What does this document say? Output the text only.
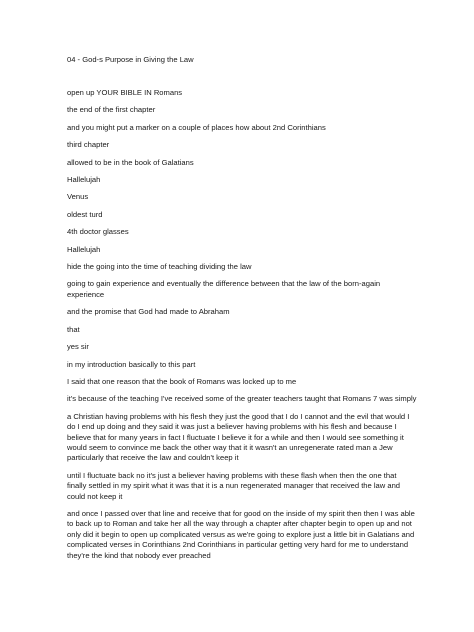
04 - God-s Purpose in Giving the Law
open up YOUR BIBLE IN Romans
the end of the first chapter
and you might put a marker on a couple of places how about 2nd Corinthians
third chapter
allowed to be in the book of Galatians
Hallelujah
Venus
oldest turd
4th doctor glasses
Hallelujah
hide the going into the time of teaching dividing the law
going to gain experience and eventually the difference between that the law of the born-again experience
and the promise that God had made to Abraham
that
yes sir
in my introduction basically to this part
I said that one reason that the book of Romans was locked up to me
it's because of the teaching I've received some of the greater teachers taught that Romans 7 was simply
a Christian having problems with his flesh they just the good that I do I cannot and the evil that would I do I end up doing and they said it was just a believer having problems with his flesh and because I believe that for many years in fact I fluctuate I believe it for a while and then I would see something it would seem to convince me back the other way that it it wasn't an unregenerate rated man a Jew particularly that receive the law and couldn't keep it
until I fluctuate back no it's just a believer having problems with these flash when then the one that finally settled in my spirit what it was that it is a nun regenerated manager that received the law and could not keep it
and once I passed over that line and receive that for good on the inside of my spirit then then I was able to back up to Roman and take her all the way through a chapter after chapter begin to open up and not only did it begin to open up complicated versus as we're going to explore just a little bit in Galatians and complicated verses in Corinthians 2nd Corinthians in particular getting very hard for me to understand they're the kind that nobody ever preached
